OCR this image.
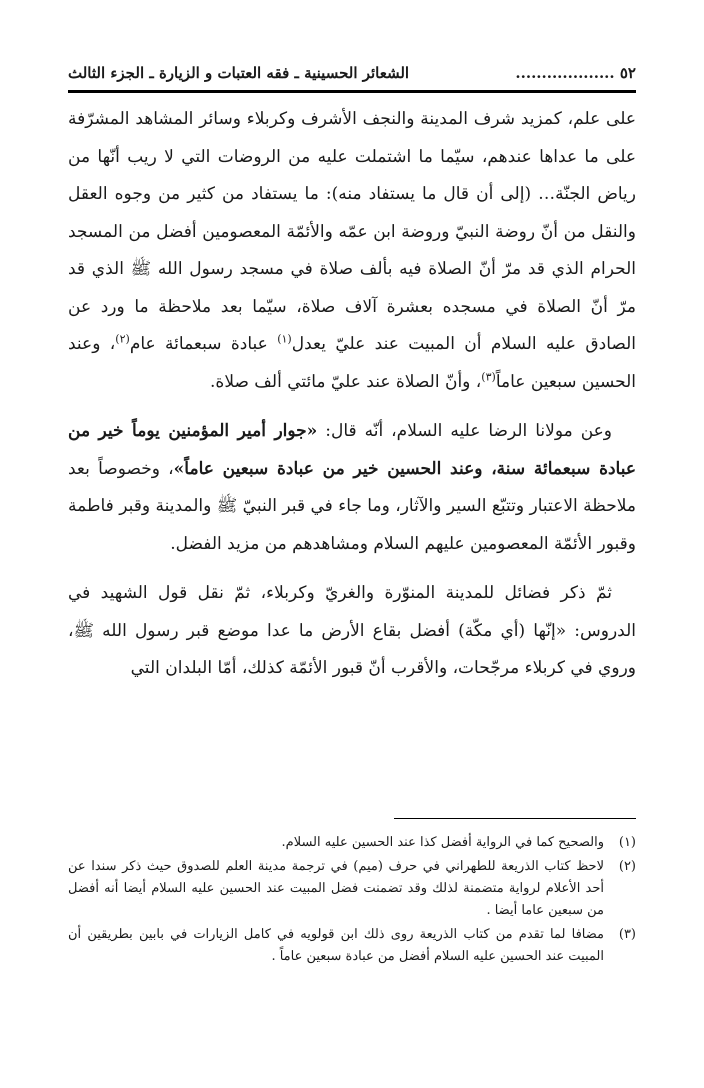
٥٢ ...................
الشعائر الحسينية ـ فقه العتبات و الزيارة ـ الجزء الثالث

على علم، كمزيد شرف المدينة والنجف الأشرف وكربلاء وسائر المشاهد المشرّفة على ما عداها عندهم، سيّما ما اشتملت عليه من الروضات التي لا ريب أنّها من رياض الجنّة… (إلى أن قال ما يستفاد منه): ما يستفاد من كثير من وجوه العقل والنقل من أنّ روضة النبيّ وروضة ابن عمّه والأئمّة المعصومين أفضل من المسجد الحرام الذي قد مرّ أنّ الصلاة فيه بألف صلاة في مسجد رسول الله ﷺ الذي قد مرّ أنّ الصلاة في مسجده بعشرة آلاف صلاة، سيّما بعد ملاحظة ما ورد عن الصادق عليه السلام أن المبيت عند عليّ يعدل$^{(١)}$ عبادة سبعمائة عام$^{(٢)}$، وعند الحسين سبعين عاماً$^{(٣)}$، وأنّ الصلاة عند عليّ مائتي ألف صلاة.

وعن مولانا الرضا عليه السلام، أنّه قال: «جوار أمير المؤمنين يوماً خير من عبادة سبعمائة سنة، وعند الحسين خير من عبادة سبعين عاماً»، وخصوصاً بعد ملاحظة الاعتبار وتتبّع السير والآثار، وما جاء في قبر النبيّ ﷺ والمدينة وقبر فاطمة وقبور الأئمّة المعصومين عليهم السلام ومشاهدهم من مزيد الفضل.

ثمّ ذكر فضائل للمدينة المنوّرة والغريّ وكربلاء، ثمّ نقل قول الشهيد في الدروس: «إنّها (أي مكّة) أفضل بقاع الأرض ما عدا موضع قبر رسول الله ﷺ، وروي في كربلاء مرجّحات، والأقرب أنّ قبور الأئمّة كذلك، أمّا البلدان التي

(١)
والصحيح كما في الرواية أفضل كذا عند الحسين عليه السلام.
(٢)
لاحظ كتاب الذريعة للطهراني في حرف (ميم) في ترجمة مدينة العلم للصدوق حيث ذكر سندا عن أحد الأعلام لرواية متضمنة لذلك وقد تضمنت فضل المبيت عند الحسين عليه السلام أيضا أنه أفضل من سبعين عاما أيضا .
(٣)
مضافا لما تقدم من كتاب الذريعة روى ذلك ابن قولويه في كامل الزيارات في بابين بطريقين أن المبيت عند الحسين عليه السلام أفضل من عبادة سبعين عاماً .
